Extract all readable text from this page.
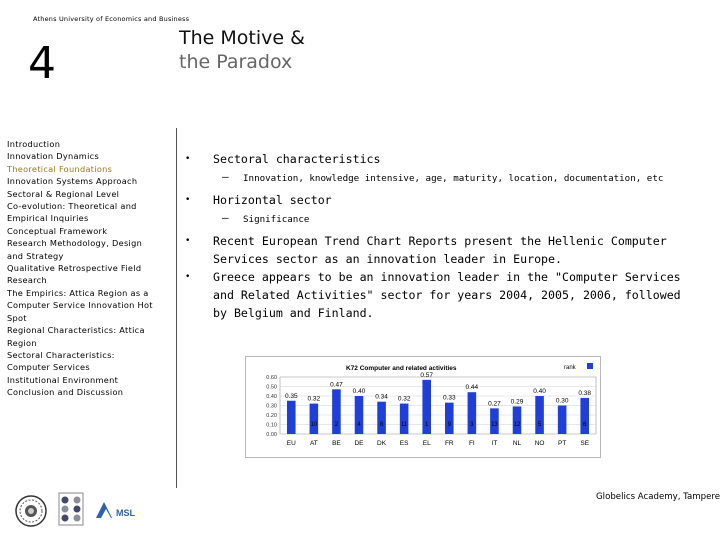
Athens University of Economics and Business
4	The Motive &
the Paradox
Introduction
Innovation Dynamics
Theoretical Foundations
Innovation Systems Approach
Sectoral & Regional Level
Co-evolution: Theoretical and Empirical Inquiries
Conceptual Framework
Research Methodology, Design and Strategy
Qualitative Retrospective Field Research
The Empirics: Attica Region as a Computer Service Innovation Hot Spot
Regional Characteristics: Attica Region
Sectoral Characteristics: Computer Services
Institutional Environment
Conclusion and Discussion
• Sectoral characteristics
– Innovation, knowledge intensive, age, maturity, location, documentation, etc
• Horizontal sector
– Significance
• Recent European Trend Chart Reports present the Hellenic Computer Services sector as an innovation leader in Europe.
• Greece appears to be an innovation leader in the "Computer Services and Related Activities" sector for years 2004, 2005, 2006, followed by Belgium and Finland.
K72 Computer and related activities	rank
0.00
0.10
0.20
0.30
0.40
0.50
0.60
0.35
EU
0.32
10
AT
0.47
2
BE
0.40
4
DE
0.34
8
DK
0.32
11
ES
0.57
1
EL
0.33
9
FR
0.44
3
FI
0.27
13
IT
0.29
12
NL
0.40
5
NO
0.30
PT
0.38
6
SE
MSL
Globelics Academy, Tampere
